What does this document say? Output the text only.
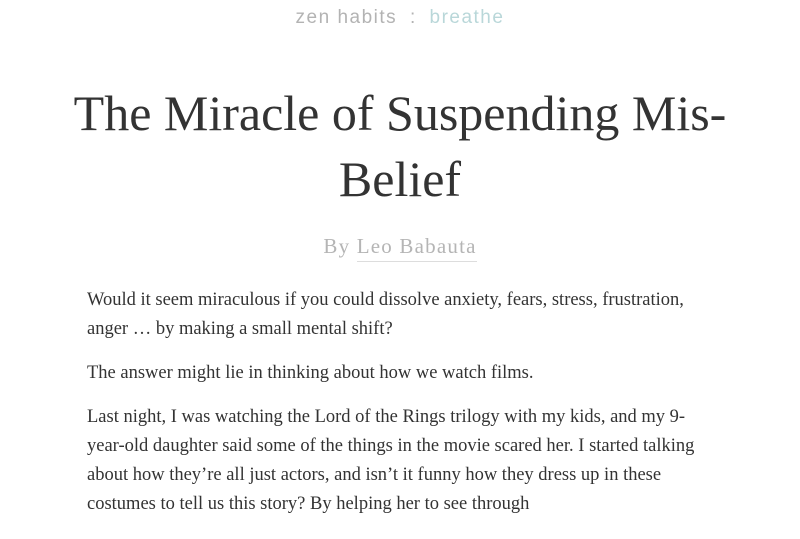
zen habits : breathe
The Miracle of Suspending Mis-Belief
By Leo Babauta

Would it seem miraculous if you could dissolve anxiety, fears, stress, frustration, anger … by making a small mental shift?

The answer might lie in thinking about how we watch films.

Last night, I was watching the Lord of the Rings trilogy with my kids, and my 9-year-old daughter said some of the things in the movie scared her. I started talking about how they’re all just actors, and isn’t it funny how they dress up in these costumes to tell us this story? By helping her to see through
